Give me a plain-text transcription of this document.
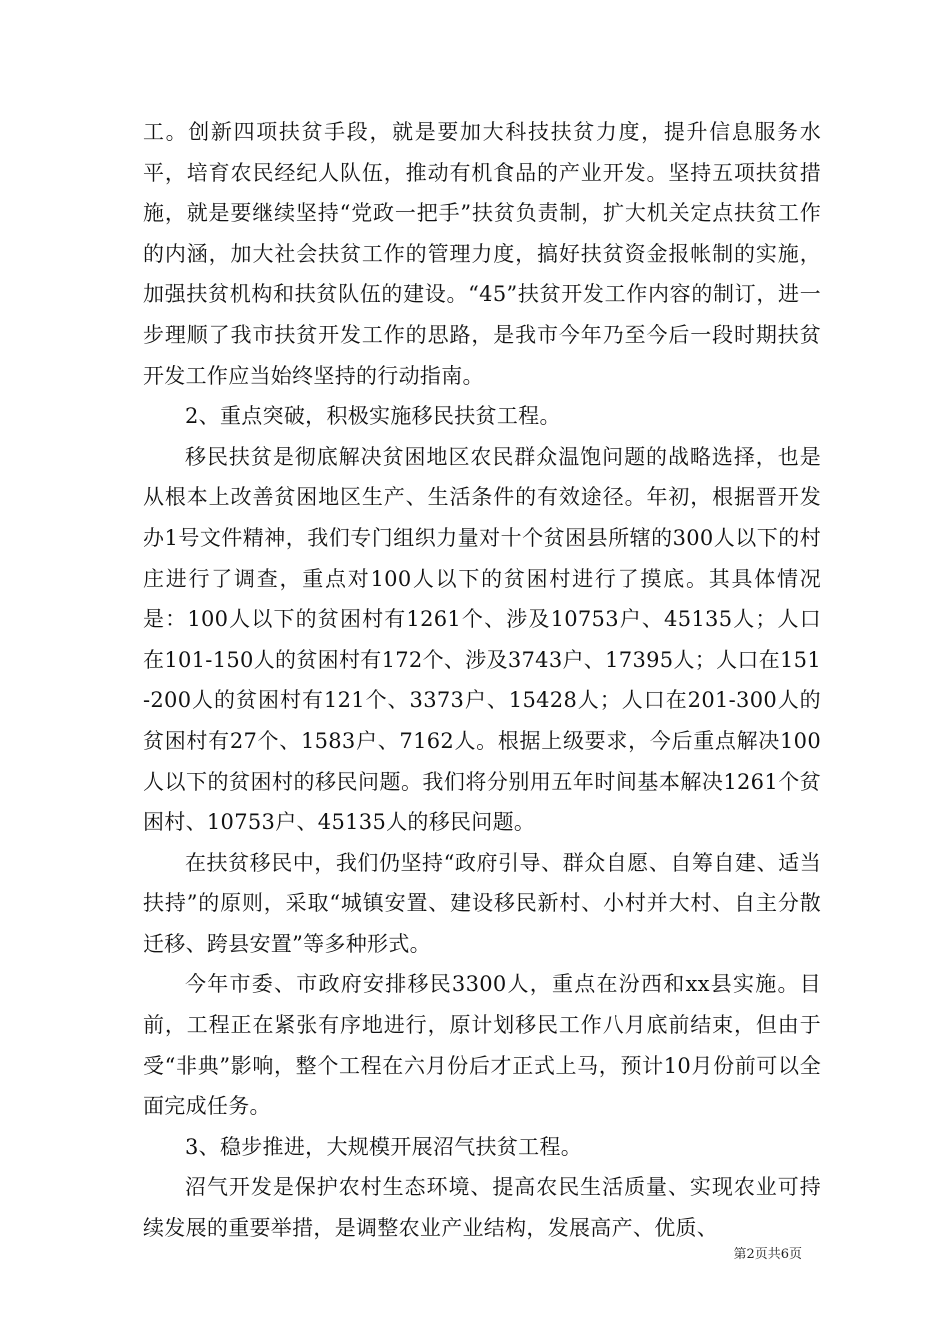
工。创新四项扶贫手段，就是要加大科技扶贫力度，提升信息服务水平，培育农民经纪人队伍，推动有机食品的产业开发。坚持五项扶贫措施，就是要继续坚持“党政一把手”扶贫负责制，扩大机关定点扶贫工作的内涵，加大社会扶贫工作的管理力度，搞好扶贫资金报帐制的实施，加强扶贫机构和扶贫队伍的建设。“45”扶贫开发工作内容的制订，进一步理顺了我市扶贫开发工作的思路，是我市今年乃至今后一段时期扶贫开发工作应当始终坚持的行动指南。

2、重点突破，积极实施移民扶贫工程。

移民扶贫是彻底解决贫困地区农民群众温饱问题的战略选择，也是从根本上改善贫困地区生产、生活条件的有效途径。年初，根据晋开发办1号文件精神，我们专门组织力量对十个贫困县所辖的300人以下的村庄进行了调查，重点对100人以下的贫困村进行了摸底。其具体情况是：100人以下的贫困村有1261个、涉及10753户、45135人；人口在101-150人的贫困村有172个、涉及3743户、17395人；人口在151-200人的贫困村有121个、3373户、15428人；人口在201-300人的贫困村有27个、1583户、7162人。根据上级要求，今后重点解决100人以下的贫困村的移民问题。我们将分别用五年时间基本解决1261个贫困村、10753户、45135人的移民问题。

在扶贫移民中，我们仍坚持“政府引导、群众自愿、自筹自建、适当扶持”的原则，采取“城镇安置、建设移民新村、小村并大村、自主分散迁移、跨县安置”等多种形式。

今年市委、市政府安排移民3300人，重点在汾西和xx县实施。目前，工程正在紧张有序地进行，原计划移民工作八月底前结束，但由于受“非典”影响，整个工程在六月份后才正式上马，预计10月份前可以全面完成任务。

3、稳步推进，大规模开展沼气扶贫工程。

沼气开发是保护农村生态环境、提高农民生活质量、实现农业可持续发展的重要举措，是调整农业产业结构，发展高产、优质、

第2页共6页
